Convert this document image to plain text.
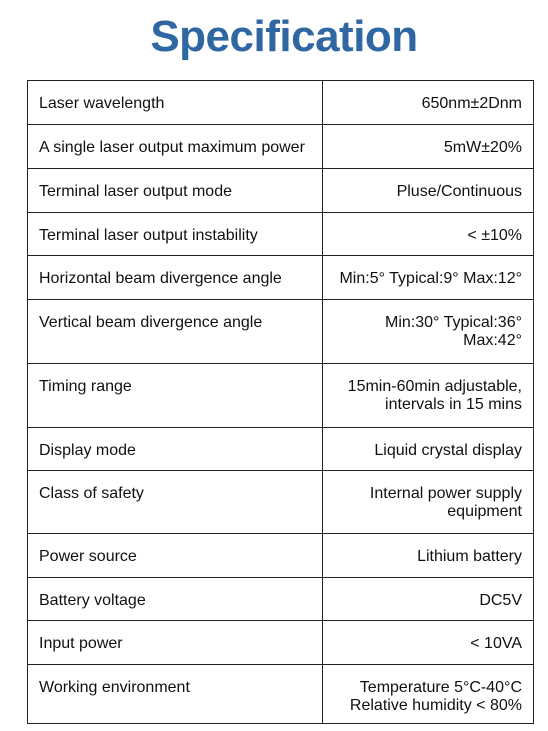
Specification
Laser wavelength	650nm±2Dnm

A single laser output maximum power	5mW±20%

Terminal laser output mode	Pluse/Continuous

Terminal laser output instability	< ±10%

Horizontal beam divergence angle	Min:5° Typical:9° Max:12°

Vertical beam divergence angle	Min:30° Typical:36°
Max:42°

Timing range	15min-60min adjustable,
intervals in 15 mins

Display mode	Liquid crystal display

Class of safety	Internal power supply
equipment

Power source	Lithium battery

Battery voltage	DC5V

Input power	< 10VA

Working environment	Temperature 5°C-40°C
Relative humidity < 80%
